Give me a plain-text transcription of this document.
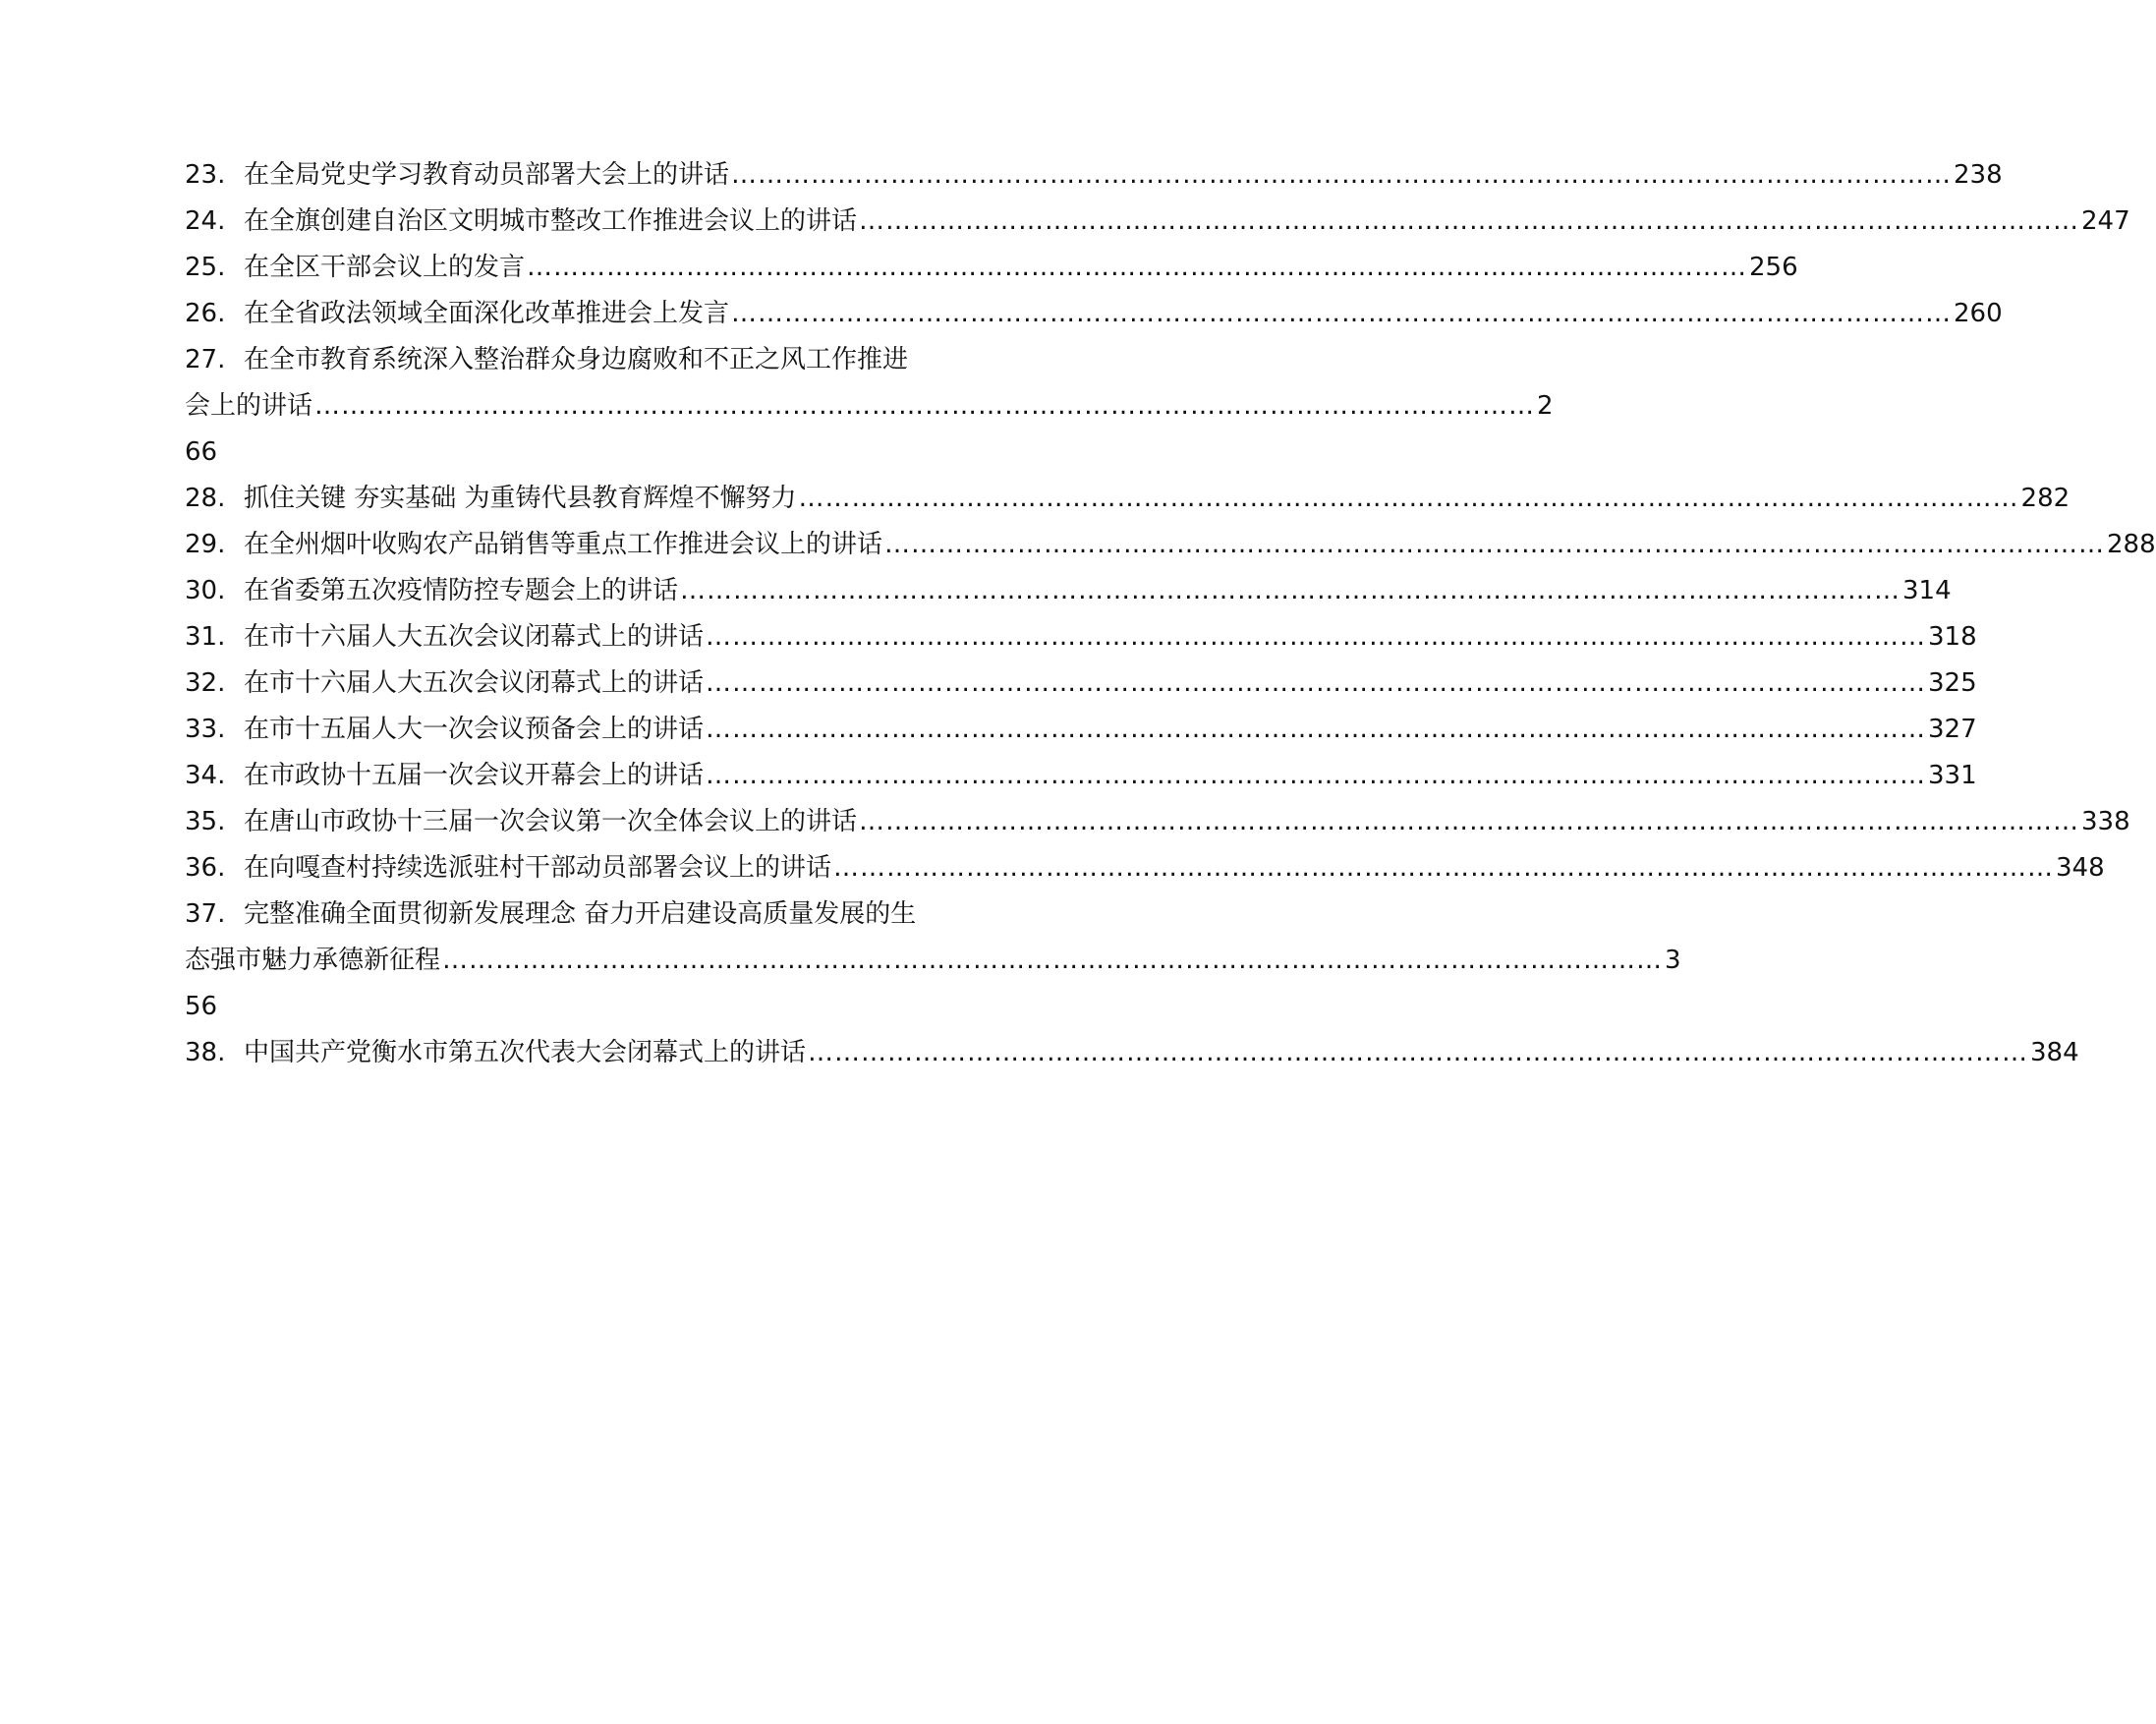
23. 在全局党史学习教育动员部署大会上的讲话 ………………………………………………………………………………………………………………………… 238
24. 在全旗创建自治区文明城市整改工作推进会议上的讲话 ………………………………………………………………………………………………………………………… 247
25. 在全区干部会议上的发言 ………………………………………………………………………………………………………………………… 256
26. 在全省政法领域全面深化改革推进会上发言 ………………………………………………………………………………………………………………………… 260
27. 在全市教育系统深入整治群众身边腐败和不正之风工作推进
会上的讲话 ………………………………………………………………………………………………………………………… 2
66
28. 抓住关键 夯实基础 为重铸代县教育辉煌不懈努力 ………………………………………………………………………………………………………………………… 282
29. 在全州烟叶收购农产品销售等重点工作推进会议上的讲话 ………………………………………………………………………………………………………………………… 288
30. 在省委第五次疫情防控专题会上的讲话 ………………………………………………………………………………………………………………………… 314
31. 在市十六届人大五次会议闭幕式上的讲话 ………………………………………………………………………………………………………………………… 318
32. 在市十六届人大五次会议闭幕式上的讲话 ………………………………………………………………………………………………………………………… 325
33. 在市十五届人大一次会议预备会上的讲话 ………………………………………………………………………………………………………………………… 327
34. 在市政协十五届一次会议开幕会上的讲话 ………………………………………………………………………………………………………………………… 331
35. 在唐山市政协十三届一次会议第一次全体会议上的讲话 ………………………………………………………………………………………………………………………… 338
36. 在向嘎查村持续选派驻村干部动员部署会议上的讲话 ………………………………………………………………………………………………………………………… 348
37. 完整准确全面贯彻新发展理念 奋力开启建设高质量发展的生
态强市魅力承德新征程 ………………………………………………………………………………………………………………………… 3
56
38. 中国共产党衡水市第五次代表大会闭幕式上的讲话 ………………………………………………………………………………………………………………………… 384
